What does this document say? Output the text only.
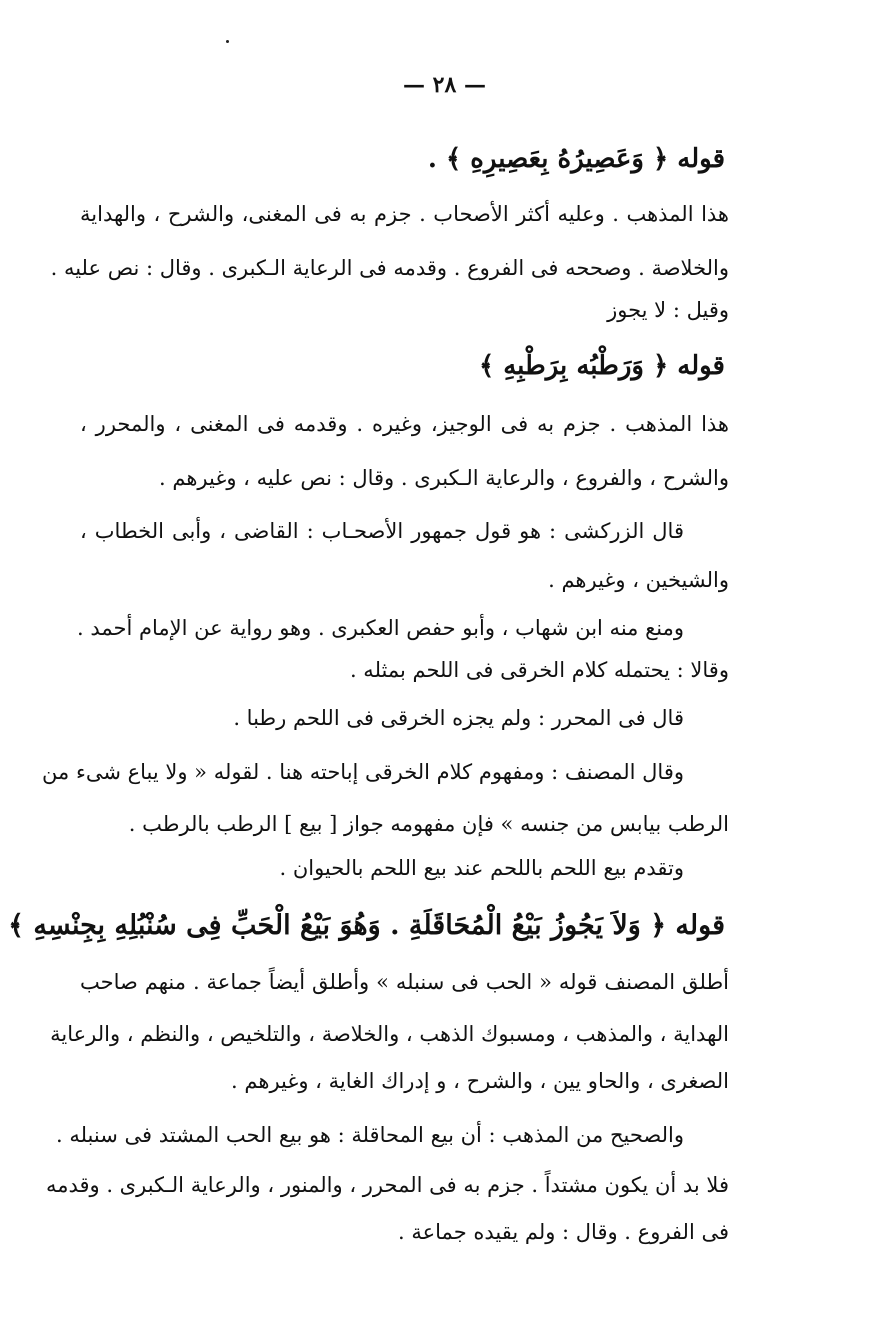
— ٢٨ —
قوله ﴿ وَعَصِيرُهُ بِعَصِيرِهِ ﴾ .
هذا المذهب . وعليه أكثر الأصحاب . جزم به فى المغنى، والشرح ، والهداية
والخلاصة . وصححه فى الفروع . وقدمه فى الرعاية الـكبرى . وقال : نص عليه .
وقيل : لا يجوز
قوله ﴿ وَرَطْبُه بِرَطْبِهِ ﴾
هذا المذهب . جزم به فى الوجيز، وغيره . وقدمه فى المغنى ، والمحرر ،
والشرح ، والفروع ، والرعاية الـكبرى . وقال : نص عليه ، وغيرهم .
قال الزركشى : هو قول جمهور الأصحـاب : القاضى ، وأبى الخطاب ،
والشيخين ، وغيرهم .
ومنع منه ابن شهاب ، وأبو حفص العكبرى . وهو رواية عن الإمام أحمد .
وقالا : يحتمله كلام الخرقى فى اللحم بمثله .
قال فى المحرر : ولم يجزه الخرقى فى اللحم رطبا .
وقال المصنف : ومفهوم كلام الخرقى إباحته هنا . لقوله « ولا يباع شىء من
الرطب بيابس من جنسه » فإن مفهومه جواز [ بيع ] الرطب بالرطب .
وتقدم بيع اللحم باللحم عند بيع اللحم بالحيوان .
قوله ﴿ وَلاَ يَجُوزُ بَيْعُ الْمُحَاقَلَةِ . وَهُوَ بَيْعُ الْحَبِّ فِى سُنْبُلِهِ بِجِنْسِهِ ﴾
أطلق المصنف قوله « الحب فى سنبله » وأطلق أيضاً جماعة . منهم صاحب
الهداية ، والمذهب ، ومسبوك الذهب ، والخلاصة ، والتلخيص ، والنظم ، والرعاية
الصغرى ، والحاو يين ، والشرح ، و إدراك الغاية ، وغيرهم .
والصحيح من المذهب : أن بيع المحاقلة : هو بيع الحب المشتد فى سنبله .
فلا بد أن يكون مشتداً . جزم به فى المحرر ، والمنور ، والرعاية الـكبرى . وقدمه
فى الفروع . وقال : ولم يقيده جماعة .
